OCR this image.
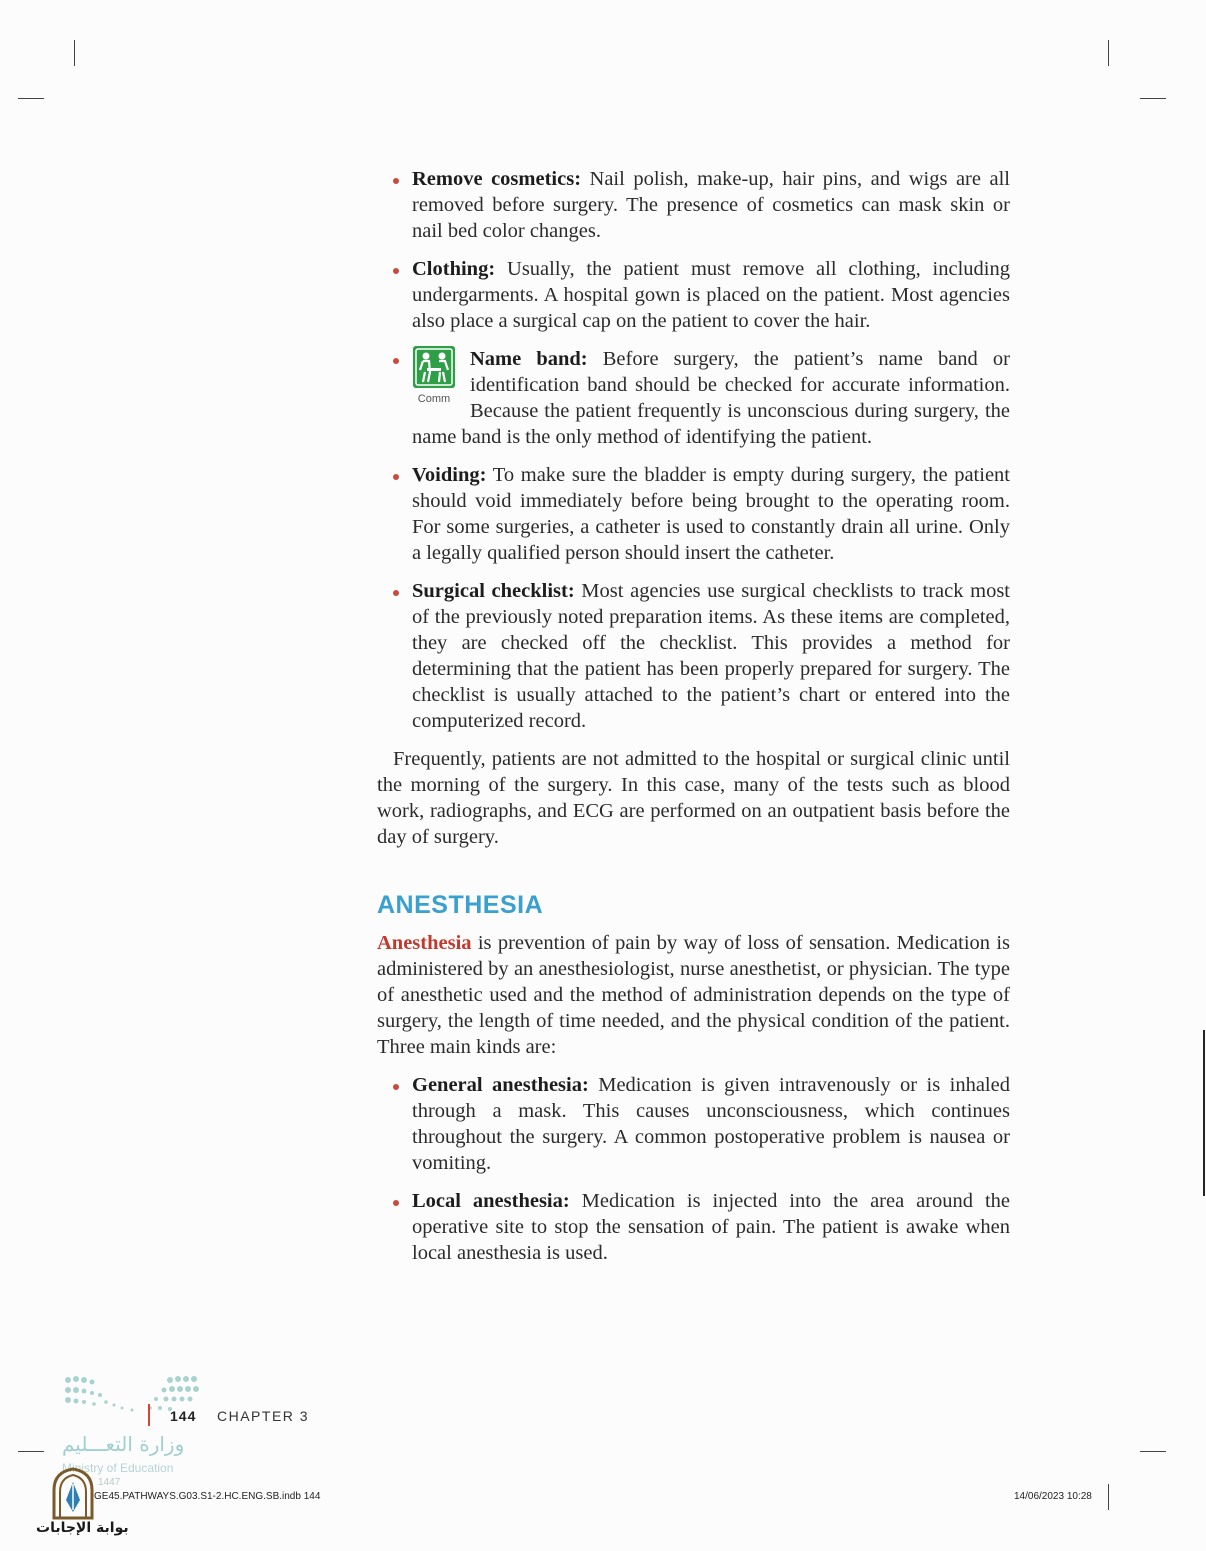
Remove cosmetics: Nail polish, make-up, hair pins, and wigs are all removed before surgery. The presence of cosmetics can mask skin or nail bed color changes.
Clothing: Usually, the patient must remove all clothing, including undergarments. A hospital gown is placed on the patient. Most agencies also place a surgical cap on the patient to cover the hair.
Comm
Name band: Before surgery, the patient’s name band or identification band should be checked for accurate information. Because the patient frequently is unconscious during surgery, the name band is the only method of identifying the patient.
Voiding: To make sure the bladder is empty during surgery, the patient should void immediately before being brought to the operating room. For some surgeries, a catheter is used to constantly drain all urine. Only a legally qualified person should insert the catheter.
Surgical checklist: Most agencies use surgical checklists to track most of the previously noted preparation items. As these items are completed, they are checked off the checklist. This provides a method for determining that the patient has been properly prepared for surgery. The checklist is usually attached to the patient’s chart or entered into the computerized record.
Frequently, patients are not admitted to the hospital or surgical clinic until the morning of the surgery. In this case, many of the tests such as blood work, radiographs, and ECG are performed on an outpatient basis before the day of surgery.
ANESTHESIA
Anesthesia is prevention of pain by way of loss of sensation. Medication is administered by an anesthesiologist, nurse anesthetist, or physician. The type of anesthetic used and the method of administration depends on the type of surgery, the length of time needed, and the physical condition of the patient. Three main kinds are:
General anesthesia: Medication is given intravenously or is inhaled through a mask. This causes unconsciousness, which continues throughout the surgery. A common postoperative problem is nausea or vomiting.
Local anesthesia: Medication is injected into the area around the operative site to stop the sensation of pain. The patient is awake when local anesthesia is used.
144 CHAPTER 3
وزارة التعـــليم
Ministry of Education
1447
GE45.PATHWAYS.G03.S1-2.HC.ENG.SB.indb 144	14/06/2023 10:28
بوابة الإجابات
